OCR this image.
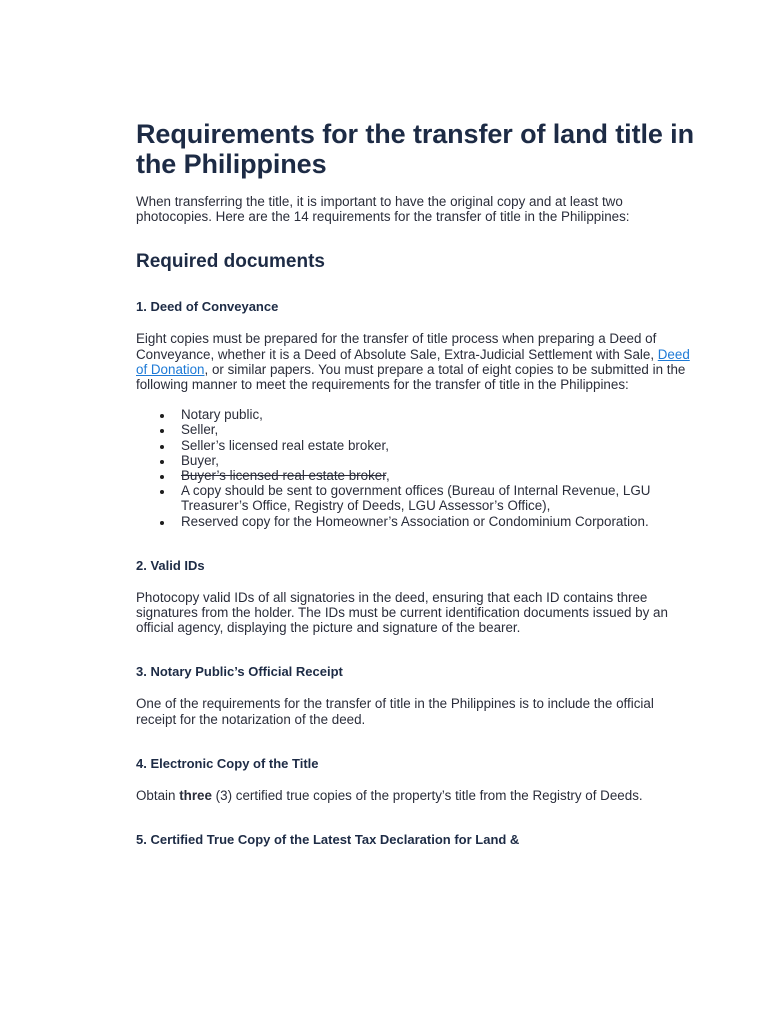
Requirements for the transfer of land title in the Philippines

When transferring the title, it is important to have the original copy and at least two photocopies. Here are the 14 requirements for the transfer of title in the Philippines:

Required documents
1. Deed of Conveyance

Eight copies must be prepared for the transfer of title process when preparing a Deed of Conveyance, whether it is a Deed of Absolute Sale, Extra-Judicial Settlement with Sale, Deed of Donation, or similar papers. You must prepare a total of eight copies to be submitted in the following manner to meet the requirements for the transfer of title in the Philippines:

Notary public,
Seller,
Seller’s licensed real estate broker,
Buyer,
Buyer’s licensed real estate broker,
A copy should be sent to government offices (Bureau of Internal Revenue, LGU Treasurer’s Office, Registry of Deeds, LGU Assessor’s Office),
Reserved copy for the Homeowner’s Association or Condominium Corporation.
2. Valid IDs

Photocopy valid IDs of all signatories in the deed, ensuring that each ID contains three signatures from the holder. The IDs must be current identification documents issued by an official agency, displaying the picture and signature of the bearer.

3. Notary Public’s Official Receipt

One of the requirements for the transfer of title in the Philippines is to include the official receipt for the notarization of the deed.

4. Electronic Copy of the Title

Obtain three (3) certified true copies of the property’s title from the Registry of Deeds.

5. Certified True Copy of the Latest Tax Declaration for Land &
